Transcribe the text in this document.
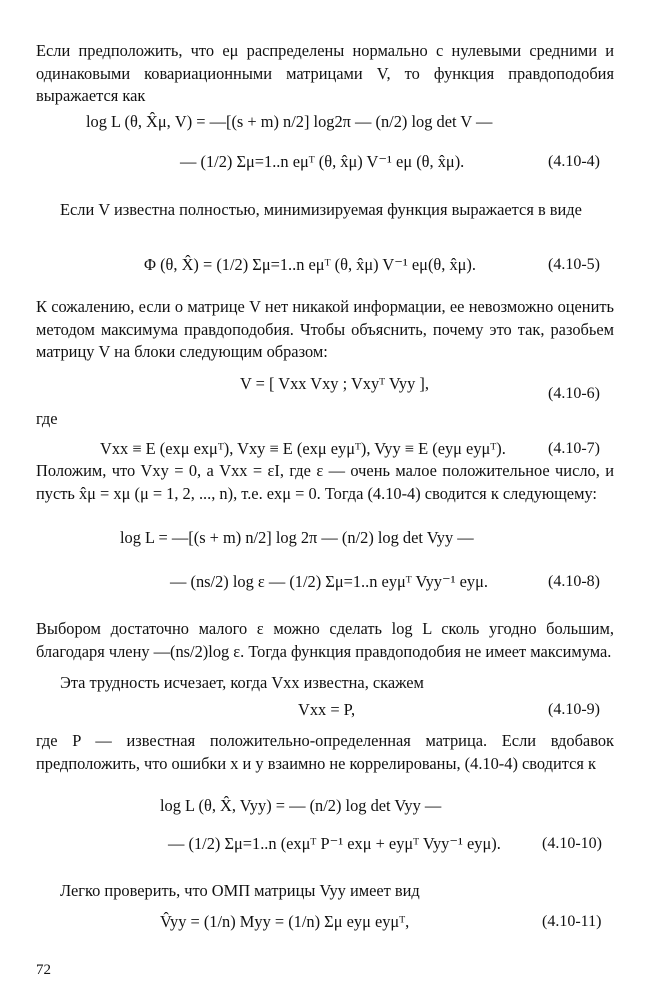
Если предположить, что eμ распределены нормально с нулевыми средними и одинаковыми ковариационными матрицами V, то функция правдоподобия выражается как

log L (θ, X̂μ, V) = —[(s + m) n/2] log2π — (n/2) log det V —
— (1/2) Σμ=1..n eμᵀ (θ, x̂μ) V⁻¹ eμ (θ, x̂μ).	(4.10-4)

Если V известна полностью, минимизируемая функция выражается в виде

Φ (θ, X̂) = (1/2) Σμ=1..n eμᵀ (θ, x̂μ) V⁻¹ eμ(θ, x̂μ).	(4.10-5)

К сожалению, если о матрице V нет никакой информации, ее невозможно оценить методом максимума правдоподобия. Чтобы объяснить, почему это так, разобьем матрицу V на блоки следующим образом:

V = [ Vxx Vxy ; Vxyᵀ Vyy ],
(4.10-6)
где
Vxx ≡ E (exμ exμᵀ), Vxy ≡ E (exμ eyμᵀ), Vyy ≡ E (eyμ eyμᵀ).	(4.10-7)

Положим, что Vxy = 0, а Vxx = εI, где ε — очень малое положительное число, и пусть x̂μ = xμ (μ = 1, 2, ..., n), т.е. exμ = 0. Тогда (4.10-4) сводится к следующему:

log L = —[(s + m) n/2] log 2π — (n/2) log det Vyy —
— (ns/2) log ε — (1/2) Σμ=1..n eyμᵀ Vyy⁻¹ eyμ.	(4.10-8)

Выбором достаточно малого ε можно сделать log L сколь угодно большим, благодаря члену —(ns/2)log ε. Тогда функция правдоподобия не имеет максимума.

Эта трудность исчезает, когда Vxx известна, скажем

Vxx = P,	(4.10-9)

где P — известная положительно-определенная матрица. Если вдобавок предположить, что ошибки x и y взаимно не коррелированы, (4.10-4) сводится к

log L (θ, X̂, Vyy) = — (n/2) log det Vyy —
— (1/2) Σμ=1..n (exμᵀ P⁻¹ exμ + eyμᵀ Vyy⁻¹ eyμ).	(4.10-10)

Легко проверить, что ОМП матрицы Vyy имеет вид

V̂yy = (1/n) Myy = (1/n) Σμ eyμ eyμᵀ,	(4.10-11)
72
